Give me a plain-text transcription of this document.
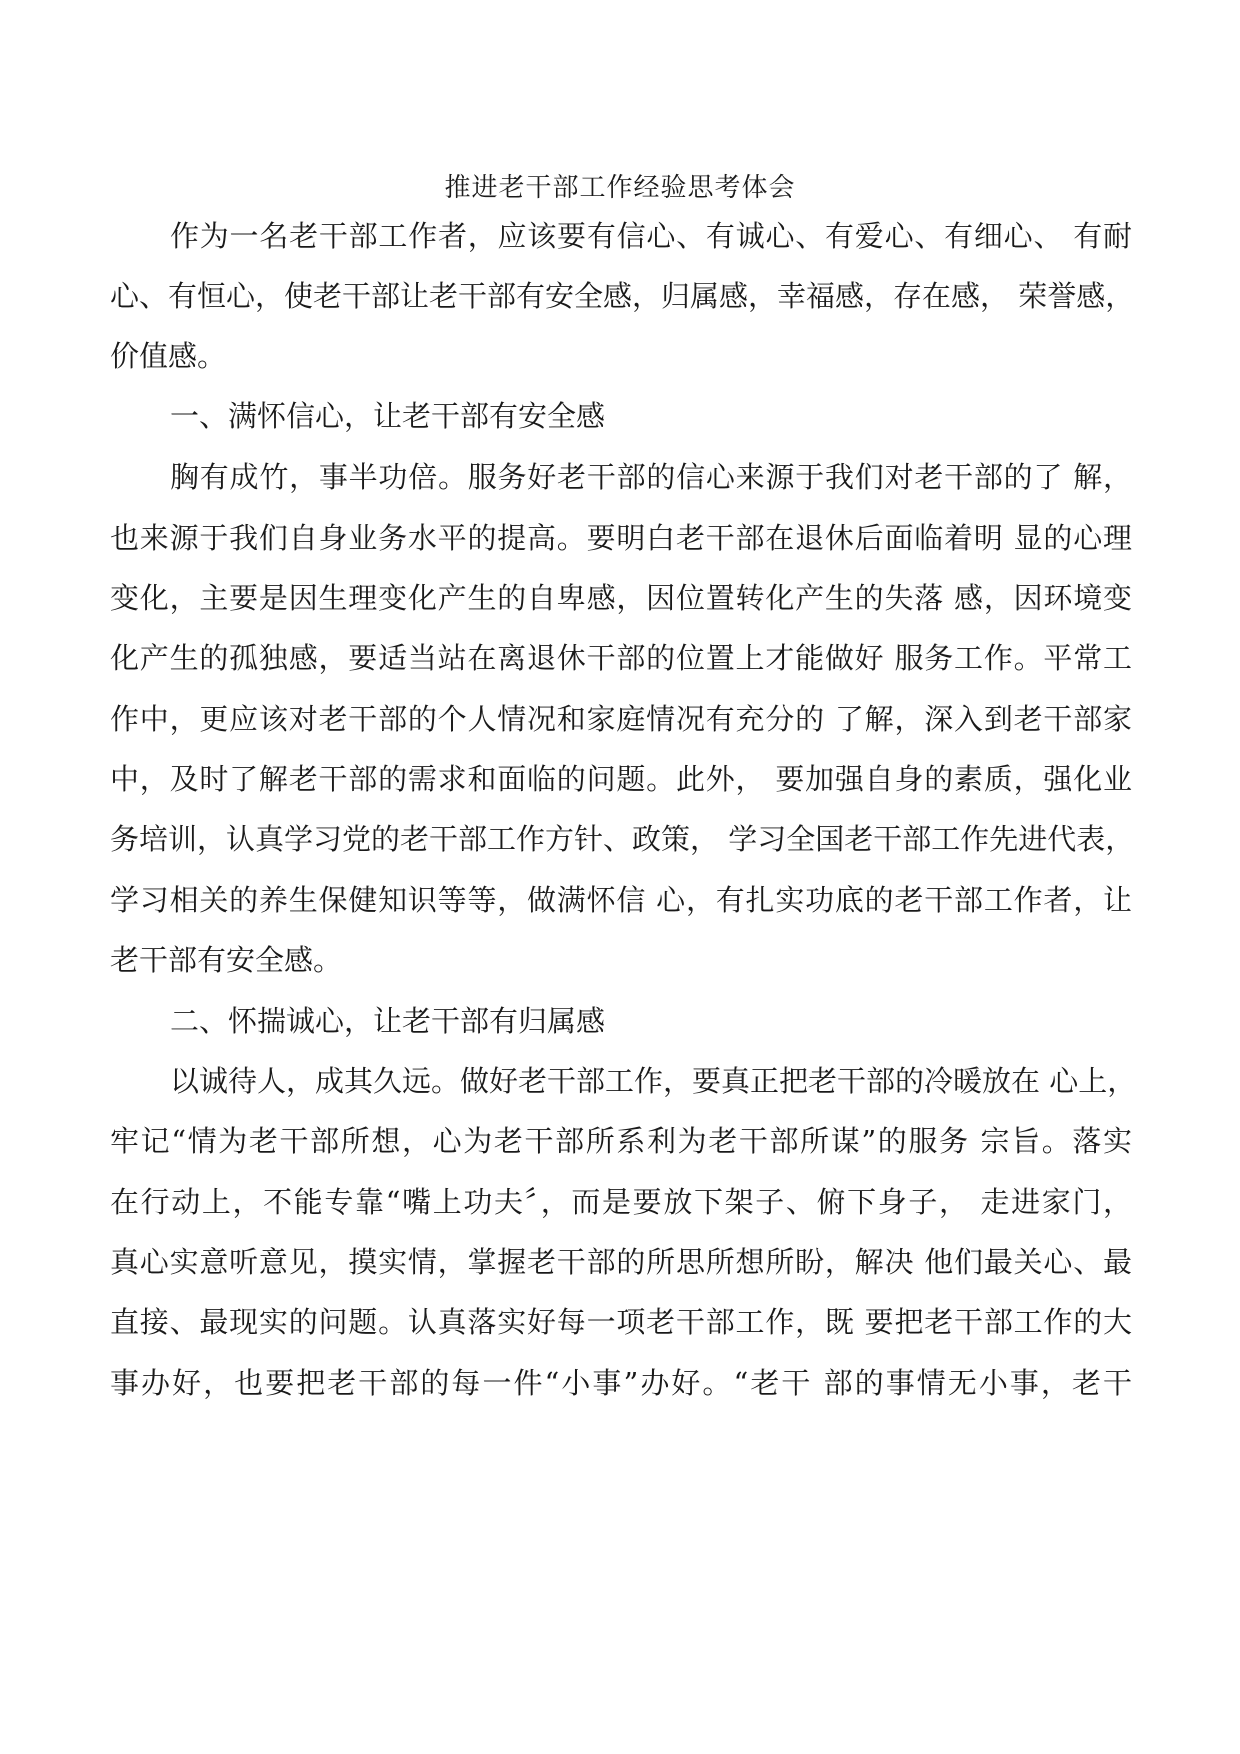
推进老干部工作经验思考体会

作为一名老干部工作者，应该要有信心、有诚心、有爱心、有细心、 有耐

心、有恒心，使老干部让老干部有安全感，归属感，幸福感，存在感， 荣誉感，

价值感。

一、满怀信心，让老干部有安全感

胸有成竹，事半功倍。服务好老干部的信心来源于我们对老干部的了 解，

也来源于我们自身业务水平的提高。要明白老干部在退休后面临着明 显的心理

变化，主要是因生理变化产生的自卑感，因位置转化产生的失落 感，因环境变

化产生的孤独感，要适当站在离退休干部的位置上才能做好 服务工作。平常工

作中，更应该对老干部的个人情况和家庭情况有充分的 了解，深入到老干部家

中，及时了解老干部的需求和面临的问题。此外， 要加强自身的素质，强化业

务培训，认真学习党的老干部工作方针、政策， 学习全国老干部工作先进代表，

学习相关的养生保健知识等等，做满怀信 心，有扎实功底的老干部工作者，让

老干部有安全感。

二、怀揣诚心，让老干部有归属感

以诚待人，成其久远。做好老干部工作，要真正把老干部的冷暖放在 心上，

牢记“情为老干部所想，心为老干部所系利为老干部所谋”的服务 宗旨。落实

在行动上，不能专靠“嘴上功夫〞，而是要放下架子、俯下身子， 走进家门，

真心实意听意见，摸实情，掌握老干部的所思所想所盼，解决 他们最关心、最

直接、最现实的问题。认真落实好每一项老干部工作，既 要把老干部工作的大

事办好，也要把老干部的每一件“小事”办好。“老干 部的事情无小事，老干
